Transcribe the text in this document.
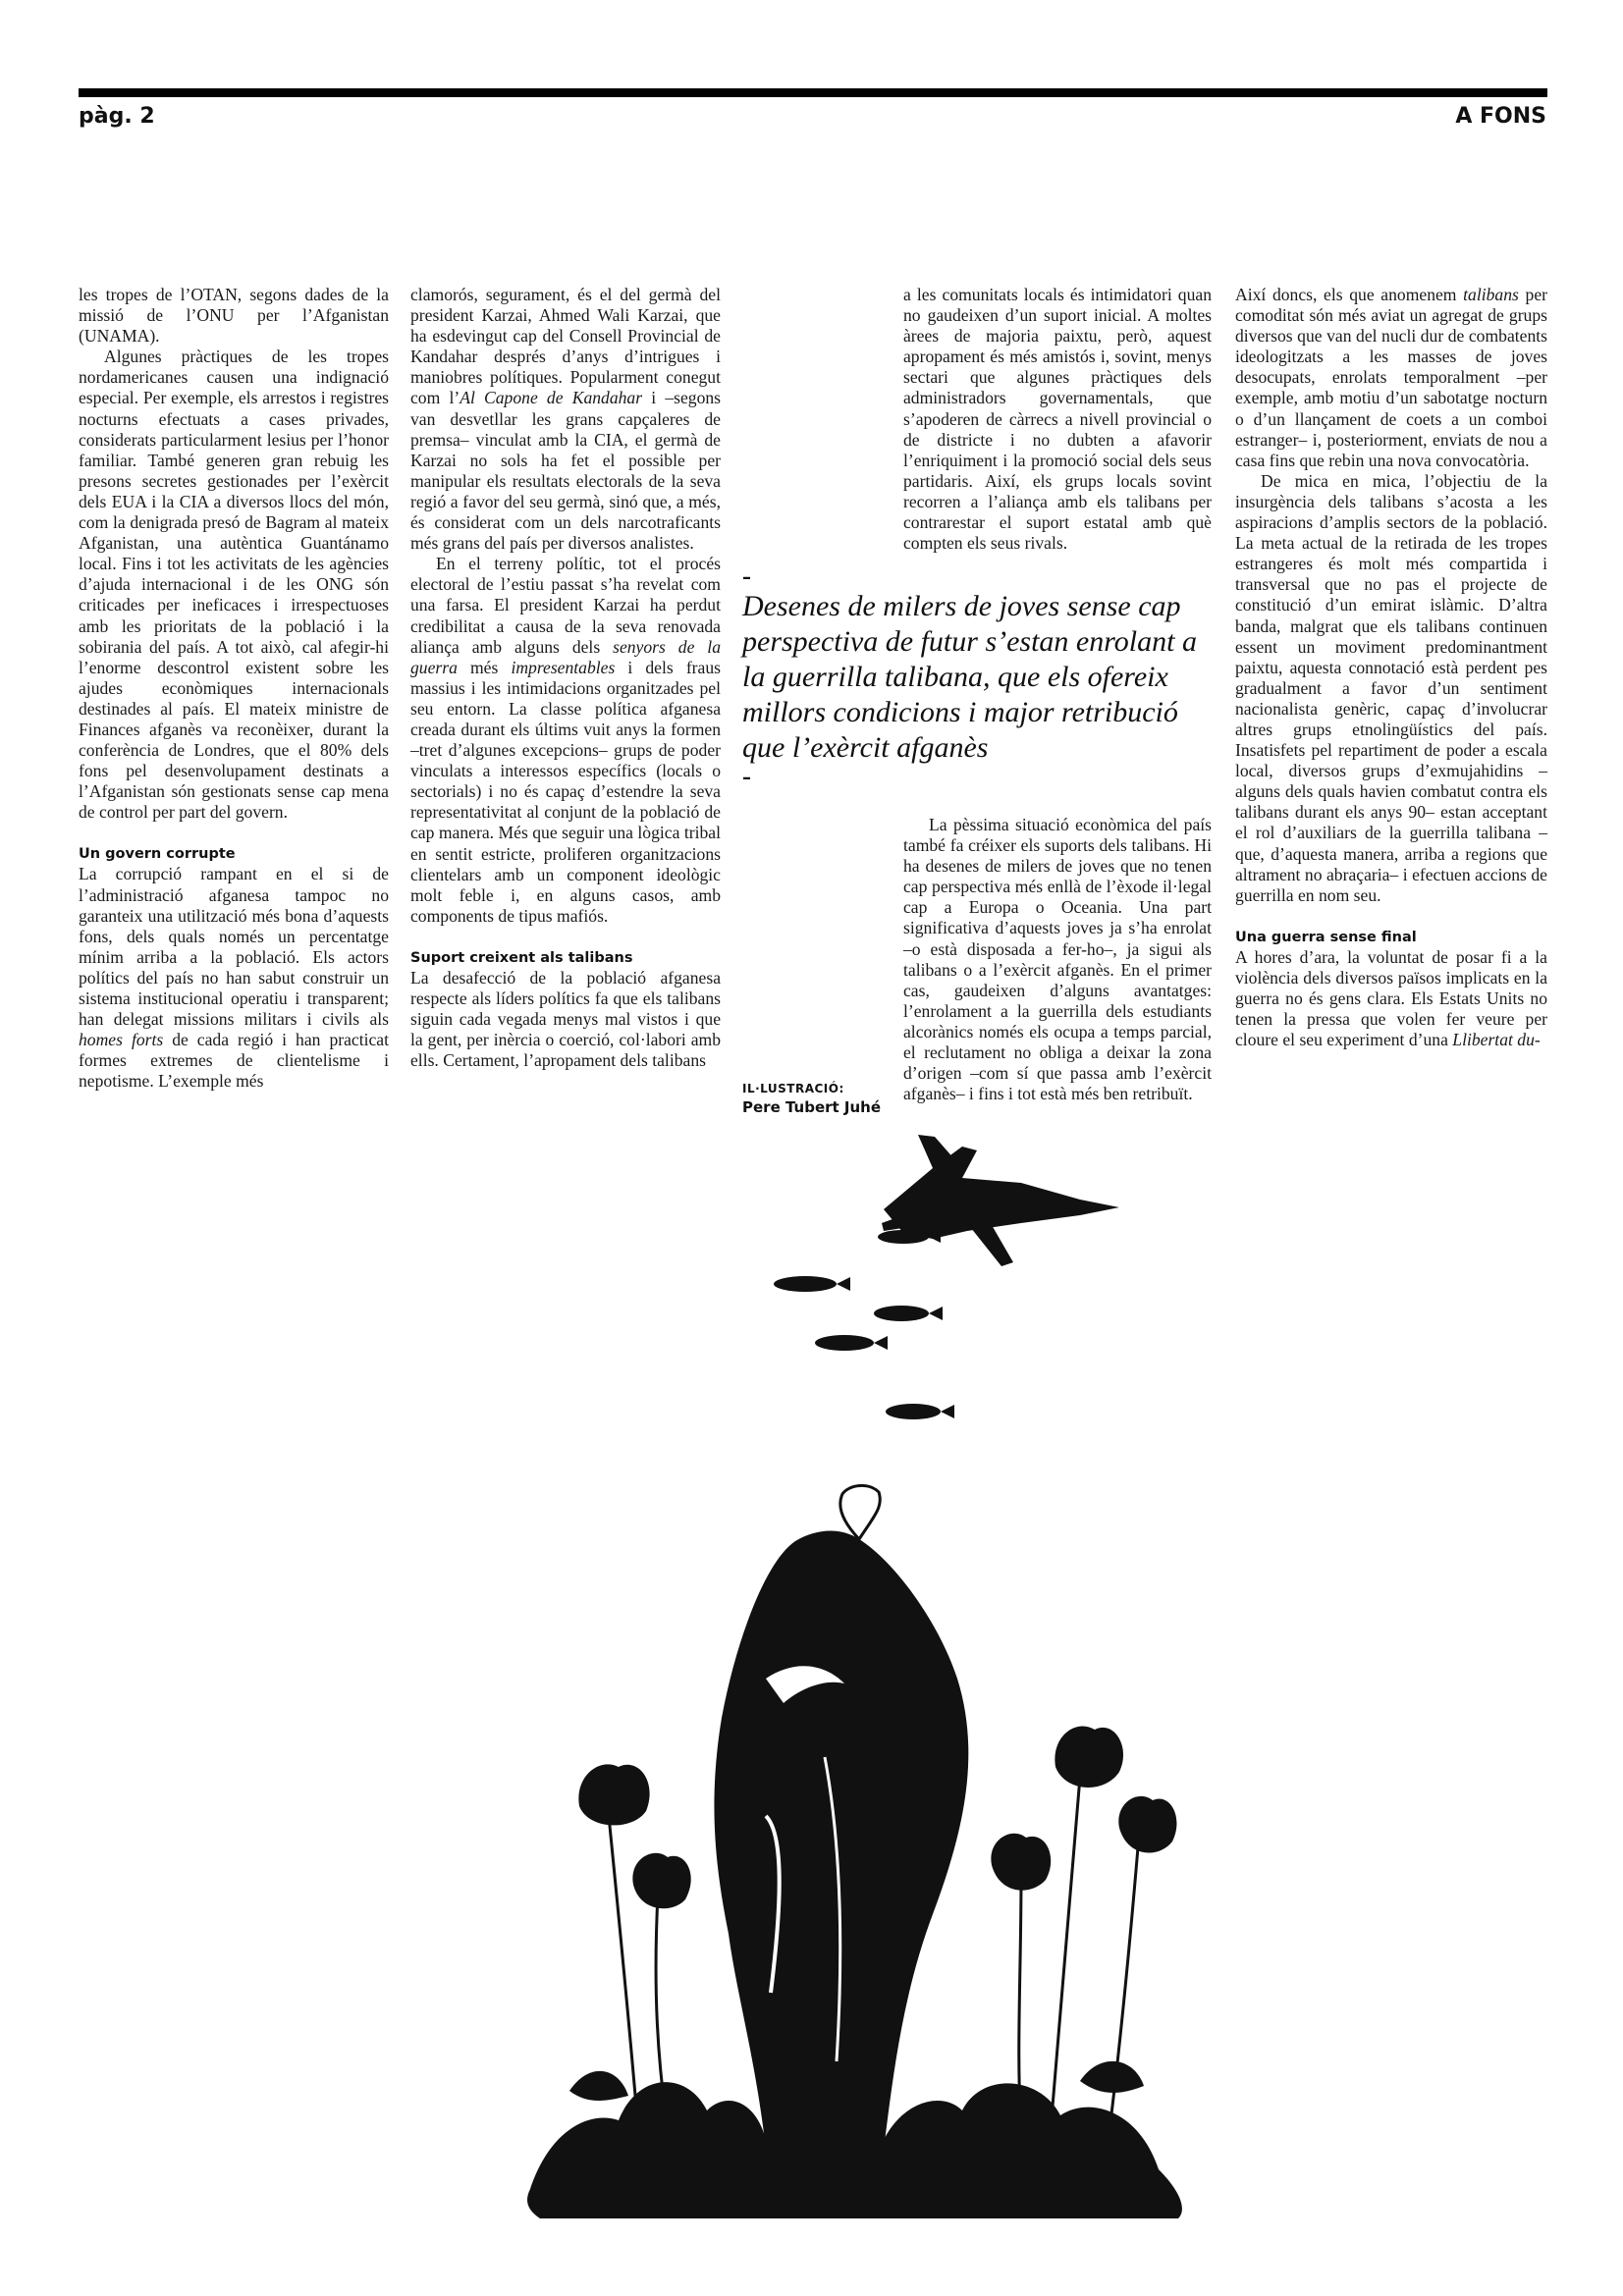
pàg. 2	A FONS

les tropes de l’OTAN, segons dades de la missió de l’ONU per l’Afganistan (UNAMA).

Algunes pràctiques de les tropes nordamericanes causen una indignació especial. Per exemple, els arrestos i registres nocturns efectuats a cases privades, considerats particularment lesius per l’honor familiar. També generen gran rebuig les presons secretes gestionades per l’exèrcit dels EUA i la CIA a diversos llocs del món, com la denigrada presó de Bagram al mateix Afganistan, una autèntica Guantánamo local. Fins i tot les activitats de les agències d’ajuda internacional i de les ONG són criticades per ineficaces i irrespectuoses amb les prioritats de la població i la sobirania del país. A tot això, cal afegir-hi l’enorme descontrol existent sobre les ajudes econòmiques internacionals destinades al país. El mateix ministre de Finances afganès va reconèixer, durant la conferència de Londres, que el 80% dels fons pel desenvolupament destinats a l’Afganistan són gestionats sense cap mena de control per part del govern.

Un govern corrupte

La corrupció rampant en el si de l’administració afganesa tampoc no garanteix una utilització més bona d’aquests fons, dels quals només un percentatge mínim arriba a la població. Els actors polítics del país no han sabut construir un sistema institucional operatiu i transparent; han delegat missions militars i civils als homes forts de cada regió i han practicat formes extremes de clientelisme i nepotisme. L’exemple més

clamorós, segurament, és el del germà del president Karzai, Ahmed Wali Karzai, que ha esdevingut cap del Consell Provincial de Kandahar després d’anys d’intrigues i maniobres polítiques. Popularment conegut com l’Al Capone de Kandahar i –segons van desvetllar les grans capçaleres de premsa– vinculat amb la CIA, el germà de Karzai no sols ha fet el possible per manipular els resultats electorals de la seva regió a favor del seu germà, sinó que, a més, és considerat com un dels narcotraficants més grans del país per diversos analistes.

En el terreny polític, tot el procés electoral de l’estiu passat s’ha revelat com una farsa. El president Karzai ha perdut credibilitat a causa de la seva renovada aliança amb alguns dels senyors de la guerra més impresentables i dels fraus massius i les intimidacions organitzades pel seu entorn. La classe política afganesa creada durant els últims vuit anys la formen –tret d’algunes excepcions– grups de poder vinculats a interessos específics (locals o sectorials) i no és capaç d’estendre la seva representativitat al conjunt de la població de cap manera. Més que seguir una lògica tribal en sentit estricte, proliferen organitzacions clientelars amb un component ideològic molt feble i, en alguns casos, amb components de tipus mafiós.

Suport creixent als talibans

La desafecció de la població afganesa respecte als líders polítics fa que els talibans siguin cada vegada menys mal vistos i que la gent, per inèrcia o coerció, col·labori amb ells. Certament, l’apropament dels talibans

a les comunitats locals és intimidatori quan no gaudeixen d’un suport inicial. A moltes àrees de majoria paixtu, però, aquest apropament és més amistós i, sovint, menys sectari que algunes pràctiques dels administradors governamentals, que s’apoderen de càrrecs a nivell provincial o de districte i no dubten a afavorir l’enriquiment i la promoció social dels seus partidaris. Així, els grups locals sovint recorren a l’aliança amb els talibans per contrarestar el suport estatal amb què compten els seus rivals.

La pèssima situació econòmica del país també fa créixer els suports dels talibans. Hi ha desenes de milers de joves que no tenen cap perspectiva més enllà de l’èxode il·legal cap a Europa o Oceania. Una part significativa d’aquests joves ja s’ha enrolat –o està disposada a fer-ho–, ja sigui als talibans o a l’exèrcit afganès. En el primer cas, gaudeixen d’alguns avantatges: l’enrolament a la guerrilla dels estudiants alcorànics només els ocupa a temps parcial, el reclutament no obliga a deixar la zona d’origen –com sí que passa amb l’exèrcit afganès– i fins i tot està més ben retribuït.

Així doncs, els que anomenem talibans per comoditat són més aviat un agregat de grups diversos que van del nucli dur de combatents ideologitzats a les masses de joves desocupats, enrolats temporalment –per exemple, amb motiu d’un sabotatge nocturn o d’un llançament de coets a un comboi estranger– i, posteriorment, enviats de nou a casa fins que rebin una nova convocatòria.

De mica en mica, l’objectiu de la insurgència dels talibans s’acosta a les aspiracions d’amplis sectors de la població. La meta actual de la retirada de les tropes estrangeres és molt més compartida i transversal que no pas el projecte de constitució d’un emirat islàmic. D’altra banda, malgrat que els talibans continuen essent un moviment predominantment paixtu, aquesta connotació està perdent pes gradualment a favor d’un sentiment nacionalista genèric, capaç d’involucrar altres grups etnolingüístics del país. Insatisfets pel repartiment de poder a escala local, diversos grups d’exmujahidins –alguns dels quals havien combatut contra els talibans durant els anys 90– estan acceptant el rol d’auxiliars de la guerrilla talibana –que, d’aquesta manera, arriba a regions que altrament no abraçaria– i efectuen accions de guerrilla en nom seu.

Una guerra sense final

A hores d’ara, la voluntat de posar fi a la violència dels diversos països implicats en la guerra no és gens clara. Els Estats Units no tenen la pressa que volen fer veure per cloure el seu experiment d’una Llibertat du-

–
Desenes de milers de joves sense cap perspectiva de futur s’estan enrolant a la guerrilla talibana, que els ofereix millors condicions i major retribució que l’exèrcit afganès
–
IL·LUSTRACIÓ:
Pere Tubert Juhé
